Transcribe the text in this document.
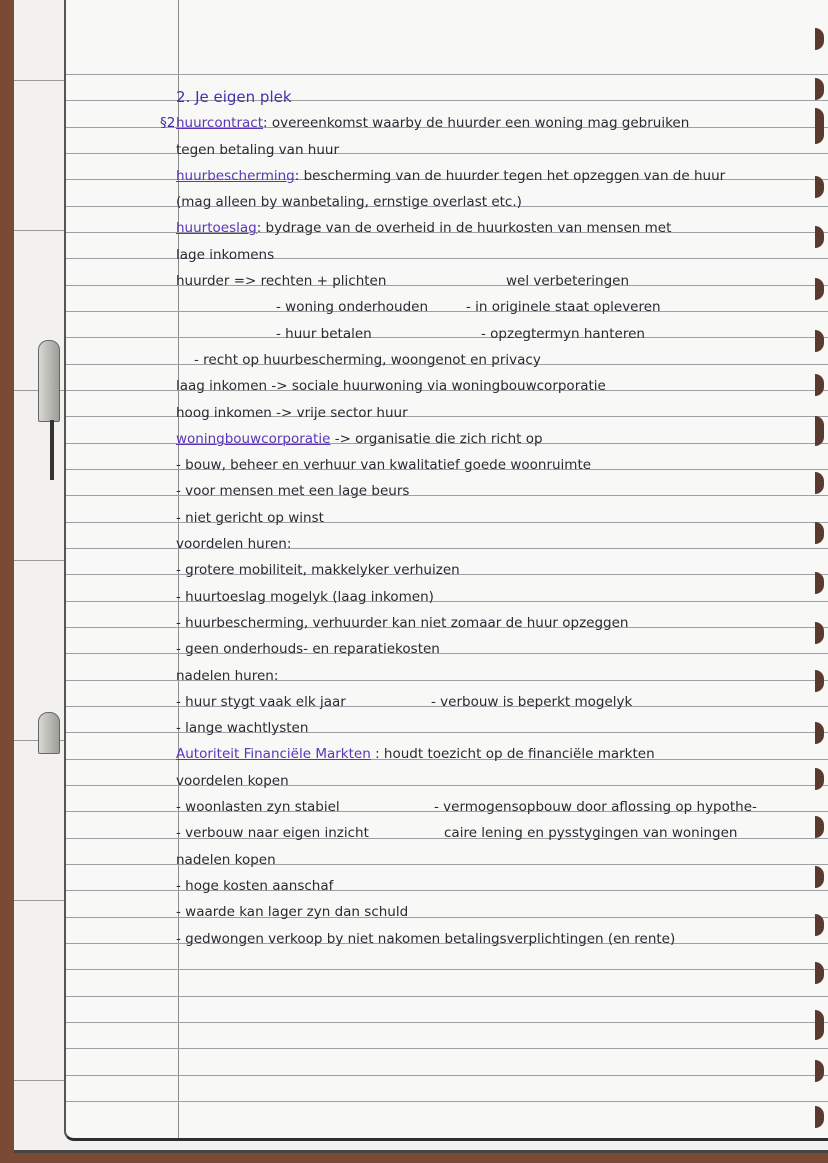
2. Je eigen plek
§2 huurcontract: overeenkomst waarby de huurder een woning mag gebruiken
tegen betaling van huur
huurbescherming: bescherming van de huurder tegen het opzeggen van de huur
(mag alleen by wanbetaling, ernstige overlast etc.)
huurtoeslag: bydrage van de overheid in de huurkosten van mensen met
lage inkomens
huurder => rechten + plichten	wel verbeteringen
- woning onderhouden	- in originele staat opleveren
- huur betalen	- opzegtermyn hanteren
- recht op huurbescherming, woongenot en privacy
laag inkomen -> sociale huurwoning via woningbouwcorporatie
hoog inkomen -> vrije sector huur
woningbouwcorporatie -> organisatie die zich richt op
- bouw, beheer en verhuur van kwalitatief goede woonruimte
- voor mensen met een lage beurs
- niet gericht op winst
voordelen huren:
- grotere mobiliteit, makkelyker verhuizen
- huurtoeslag mogelyk (laag inkomen)
- huurbescherming, verhuurder kan niet zomaar de huur opzeggen
- geen onderhouds- en reparatiekosten
nadelen huren:
- huur stygt vaak elk jaar	- verbouw is beperkt mogelyk
- lange wachtlysten
Autoriteit Financiële Markten : houdt toezicht op de financiële markten
voordelen kopen
- woonlasten zyn stabiel	- vermogensopbouw door aflossing op hypothe-
- verbouw naar eigen inzicht	caire lening en pysstygingen van woningen
nadelen kopen
- hoge kosten aanschaf
- waarde kan lager zyn dan schuld
- gedwongen verkoop by niet nakomen betalingsverplichtingen (en rente)
